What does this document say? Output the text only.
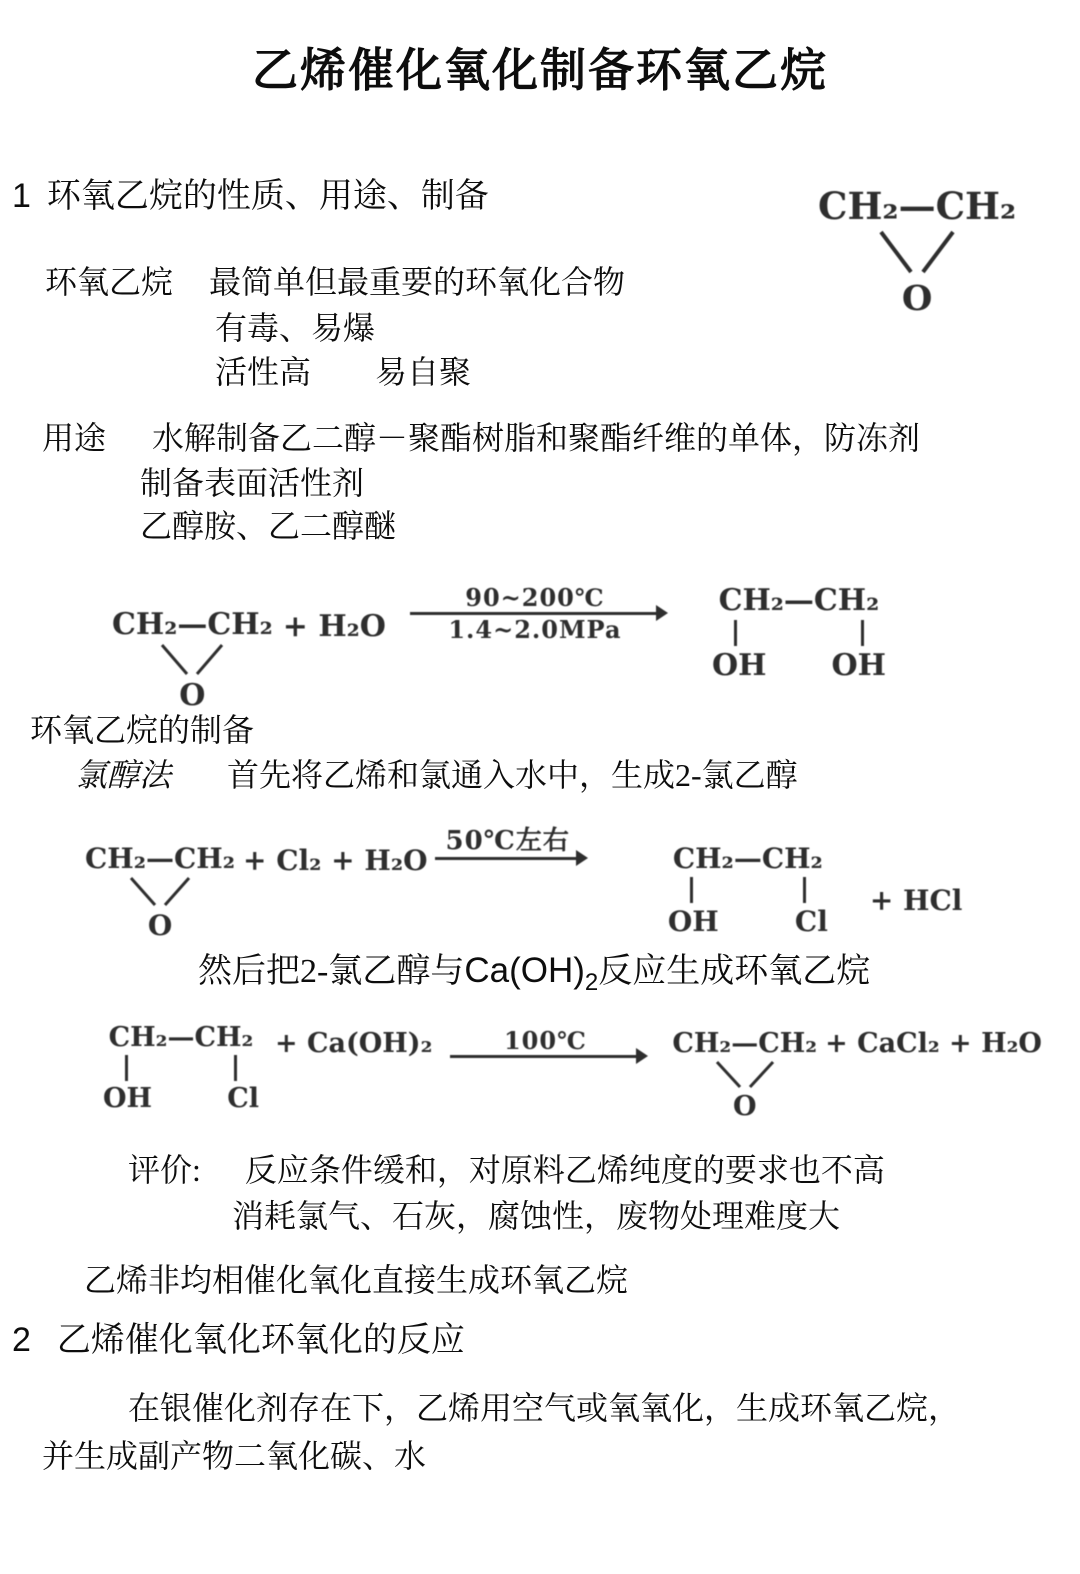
乙烯催化氧化制备环氧乙烷
1 环氧乙烷的性质、用途、制备	CH₂—CH₂
O
环氧乙烷 最简单但最重要的环氧化合物
有毒、易爆
活性高 易自聚
用途 水解制备乙二醇－聚酯树脂和聚酯纤维的单体，防冻剂
制备表面活性剂
乙醇胺、乙二醇醚
CH₂—CH₂
O
+ H₂O
90~200℃
1.4~2.0MPa
CH₂—CH₂
OH OH
环氧乙烷的制备
氯醇法 首先将乙烯和氯通入水中，生成2-氯乙醇
CH₂—CH₂
O
+ Cl₂ + H₂O
50℃左右
CH₂—CH₂
OH	Cl
+ HCl
然后把2-氯乙醇与$Ca(OH)_2$反应生成环氧乙烷
CH₂—CH₂
OH	Cl
+ Ca(OH)₂	100℃	CH₂—CH₂
O
+ CaCl₂ + H₂O
评价: 反应条件缓和，对原料乙烯纯度的要求也不高
消耗氯气、石灰，腐蚀性，废物处理难度大
乙烯非均相催化氧化直接生成环氧乙烷
2 乙烯催化氧化环氧化的反应
在银催化剂存在下，乙烯用空气或氧氧化，生成环氧乙烷，
并生成副产物二氧化碳、水
